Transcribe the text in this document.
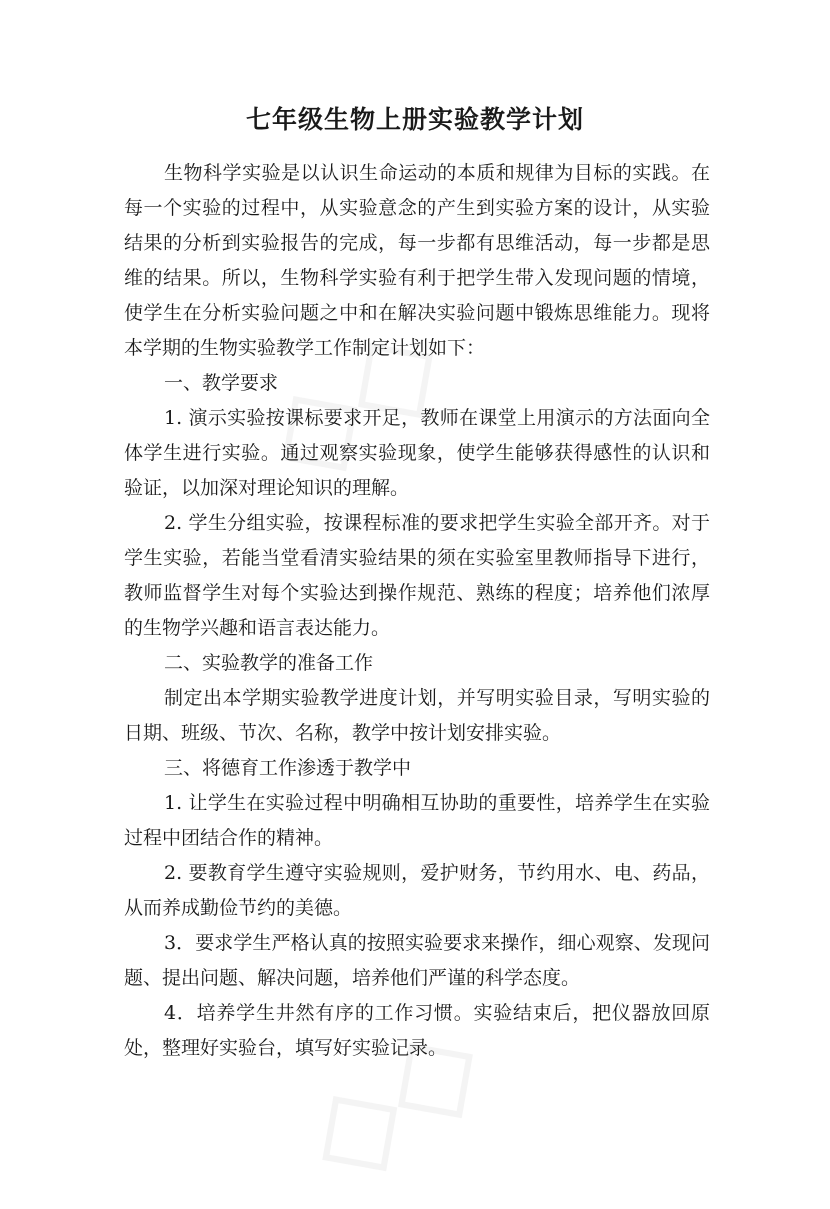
七年级生物上册实验教学计划

生物科学实验是以认识生命运动的本质和规律为目标的实践。在每一个实验的过程中，从实验意念的产生到实验方案的设计，从实验结果的分析到实验报告的完成，每一步都有思维活动，每一步都是思维的结果。所以，生物科学实验有利于把学生带入发现问题的情境，使学生在分析实验问题之中和在解决实验问题中锻炼思维能力。现将本学期的生物实验教学工作制定计划如下：

一、教学要求

1. 演示实验按课标要求开足，教师在课堂上用演示的方法面向全体学生进行实验。通过观察实验现象，使学生能够获得感性的认识和验证，以加深对理论知识的理解。

2. 学生分组实验，按课程标准的要求把学生实验全部开齐。对于学生实验，若能当堂看清实验结果的须在实验室里教师指导下进行，教师监督学生对每个实验达到操作规范、熟练的程度；培养他们浓厚的生物学兴趣和语言表达能力。

二、实验教学的准备工作

制定出本学期实验教学进度计划，并写明实验目录，写明实验的日期、班级、节次、名称，教学中按计划安排实验。

三、将德育工作渗透于教学中

1. 让学生在实验过程中明确相互协助的重要性，培养学生在实验过程中团结合作的精神。

2. 要教育学生遵守实验规则，爱护财务，节约用水、电、药品，从而养成勤俭节约的美德。

3．要求学生严格认真的按照实验要求来操作，细心观察、发现问题、提出问题、解决问题，培养他们严谨的科学态度。

4．培养学生井然有序的工作习惯。实验结束后，把仪器放回原处，整理好实验台，填写好实验记录。
